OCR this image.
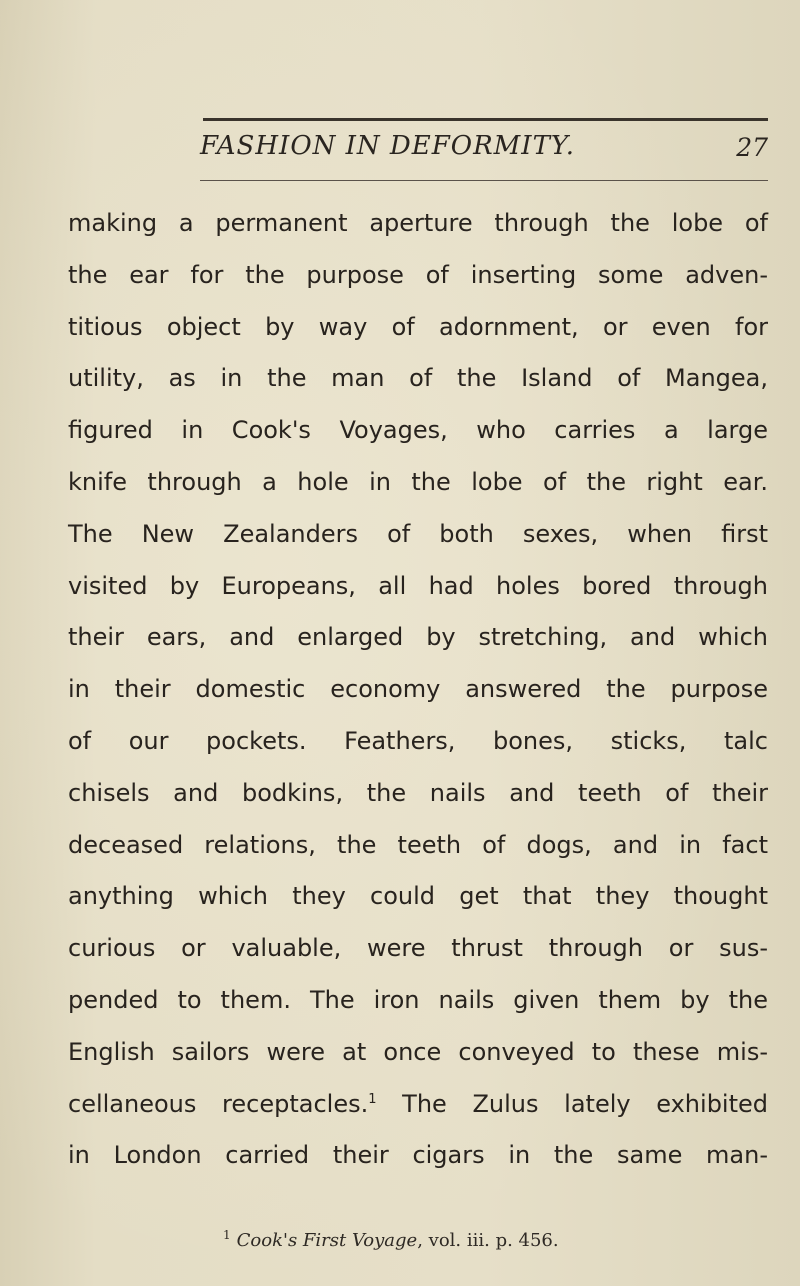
FASHION IN DEFORMITY.	27
making a permanent aperture through the lobe of
the ear for the purpose of inserting some adven-
titious object by way of adornment, or even for
utility, as in the man of the Island of Mangea,
figured in Cook's Voyages, who carries a large
knife through a hole in the lobe of the right ear.
The New Zealanders of both sexes, when first
visited by Europeans, all had holes bored through
their ears, and enlarged by stretching, and which
in their domestic economy answered the purpose
of our pockets. Feathers, bones, sticks, talc
chisels and bodkins, the nails and teeth of their
deceased relations, the teeth of dogs, and in fact
anything which they could get that they thought
curious or valuable, were thrust through or sus-
pended to them. The iron nails given them by the
English sailors were at once conveyed to these mis-
cellaneous receptacles.$^1$ The Zulus lately exhibited
in London carried their cigars in the same man-
$^1$ Cook's First Voyage, vol. iii. p. 456.
